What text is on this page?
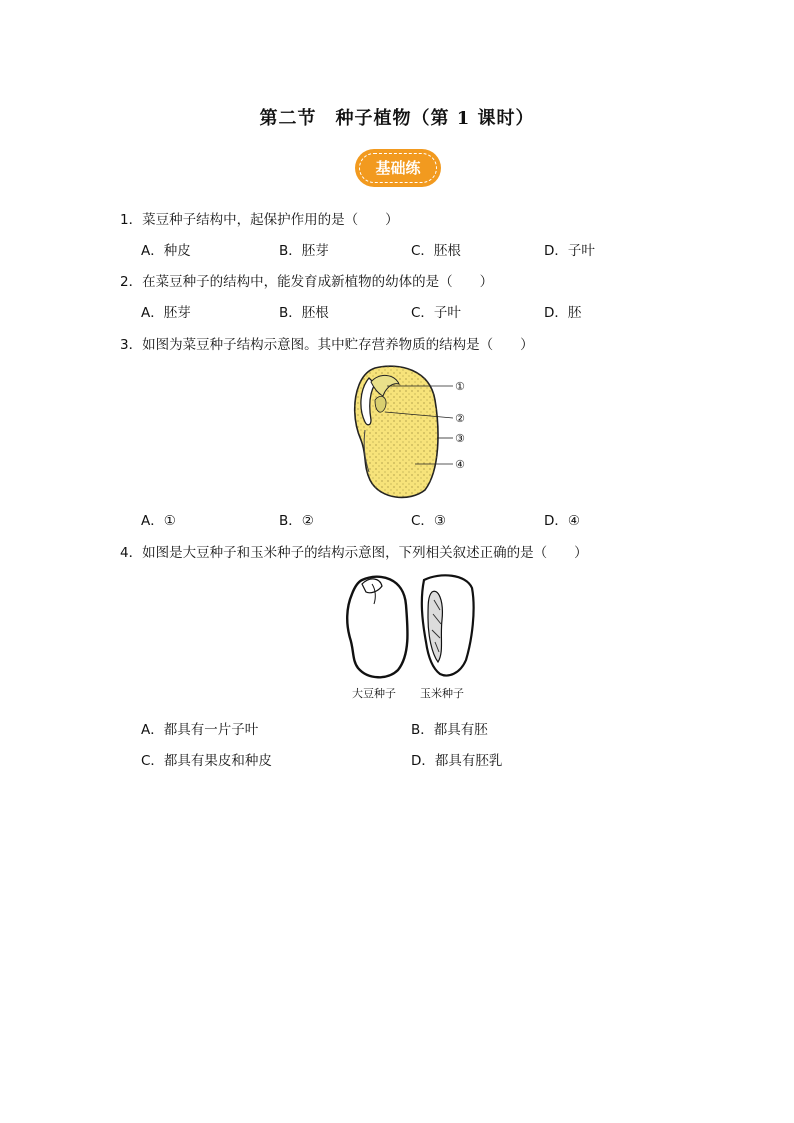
第二节　种子植物（第 1 课时）
基础练
1．菜豆种子结构中，起保护作用的是（　　）
A．种皮	B．胚芽	C．胚根	D．子叶
2．在菜豆种子的结构中，能发育成新植物的幼体的是（　　）
A．胚芽	B．胚根	C．子叶	D．胚
3．如图为菜豆种子结构示意图。其中贮存营养物质的结构是（　　）
①
②
③
④
A．①	B．②	C．③	D．④
4．如图是大豆种子和玉米种子的结构示意图，下列相关叙述正确的是（　　）
大豆种子 玉米种子
A．都具有一片子叶	B．都具有胚
C．都具有果皮和种皮	D．都具有胚乳
